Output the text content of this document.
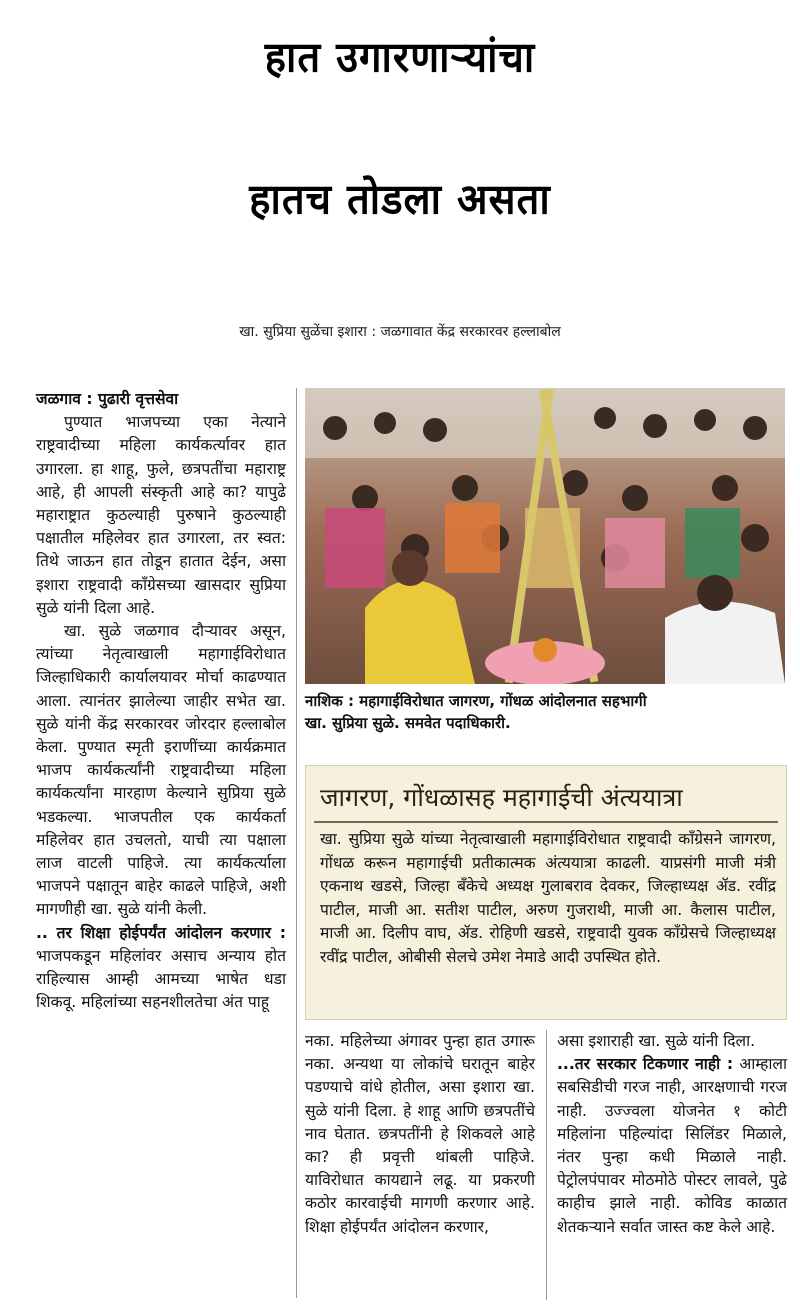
हात उगारणाऱ्यांचा
हातच तोडला असता
खा. सुप्रिया सुळेंचा इशारा : जळगावात केंद्र सरकारवर हल्लाबोल

जळगाव : पुढारी वृत्तसेवा

पुण्यात भाजपच्या एका नेत्याने राष्ट्रवादीच्या महिला कार्यकर्त्यावर हात उगारला. हा शाहू, फुले, छत्रपतींचा महाराष्ट्र आहे, ही आपली संस्कृती आहे का? यापुढे महाराष्ट्रात कुठल्याही पुरुषाने कुठल्याही पक्षातील महिलेवर हात उगारला, तर स्वत: तिथे जाऊन हात तोडून हातात देईन, असा इशारा राष्ट्रवादी काँग्रेसच्या खासदार सुप्रिया सुळे यांनी दिला आहे.

खा. सुळे जळगाव दौऱ्यावर असून, त्यांच्या नेतृत्वाखाली महागाईविरोधात जिल्हाधिकारी कार्यालयावर मोर्चा काढण्यात आला. त्यानंतर झालेल्या जाहीर सभेत खा. सुळे यांनी केंद्र सरकारवर जोरदार हल्लाबोल केला. पुण्यात स्मृती इराणींच्या कार्यक्रमात भाजप कार्यकर्त्यांनी राष्ट्रवादीच्या महिला कार्यकर्त्यांना मारहाण केल्याने सुप्रिया सुळे भडकल्या. भाजपतील एक कार्यकर्ता महिलेवर हात उचलतो, याची त्या पक्षाला लाज वाटली पाहिजे. त्या कार्यकर्त्याला भाजपने पक्षातून बाहेर काढले पाहिजे, अशी मागणीही खा. सुळे यांनी केली.

.. तर शिक्षा होईपर्यंत आंदोलन करणार : भाजपकडून महिलांवर असाच अन्याय होत राहिल्यास आम्ही आमच्या भाषेत धडा शिकवू. महिलांच्या सहनशीलतेचा अंत पाहू

नाशिक : महागाईविरोधात जागरण, गोंधळ आंदोलनात सहभागी
खा. सुप्रिया सुळे. समवेत पदाधिकारी.
जागरण, गोंधळासह महागाईची अंत्ययात्रा
खा. सुप्रिया सुळे यांच्या नेतृत्वाखाली महागाईविरोधात राष्ट्रवादी काँग्रेसने जागरण, गोंधळ करून महागाईची प्रतीकात्मक अंत्ययात्रा काढली. याप्रसंगी माजी मंत्री एकनाथ खडसे, जिल्हा बँकेचे अध्यक्ष गुलाबराव देवकर, जिल्हाध्यक्ष ॲड. रवींद्र पाटील, माजी आ. सतीश पाटील, अरुण गुजराथी, माजी आ. कैलास पाटील, माजी आ. दिलीप वाघ, ॲड. रोहिणी खडसे, राष्ट्रवादी युवक काँग्रेसचे जिल्हाध्यक्ष रवींद्र पाटील, ओबीसी सेलचे उमेश नेमाडे आदी उपस्थित होते.

नका. महिलेच्या अंगावर पुन्हा हात उगारू नका. अन्यथा या लोकांचे घरातून बाहेर पडण्याचे वांधे होतील, असा इशारा खा. सुळे यांनी दिला. हे शाहू आणि छत्रपतींचे नाव घेतात. छत्रपतींनी हे शिकवले आहे का? ही प्रवृत्ती थांबली पाहिजे. याविरोधात कायद्याने लढू. या प्रकरणी कठोर कारवाईची मागणी करणार आहे. शिक्षा होईपर्यंत आंदोलन करणार,

असा इशाराही खा. सुळे यांनी दिला.

...तर सरकार टिकणार नाही : आम्हाला सबसिडीची गरज नाही, आरक्षणाची गरज नाही. उज्ज्वला योजनेत १ कोटी महिलांना पहिल्यांदा सिलिंडर मिळाले, नंतर पुन्हा कधी मिळाले नाही. पेट्रोलपंपावर मोठमोठे पोस्टर लावले, पुढे काहीच झाले नाही. कोविड काळात शेतकऱ्याने सर्वात जास्त कष्ट केले आहे.
